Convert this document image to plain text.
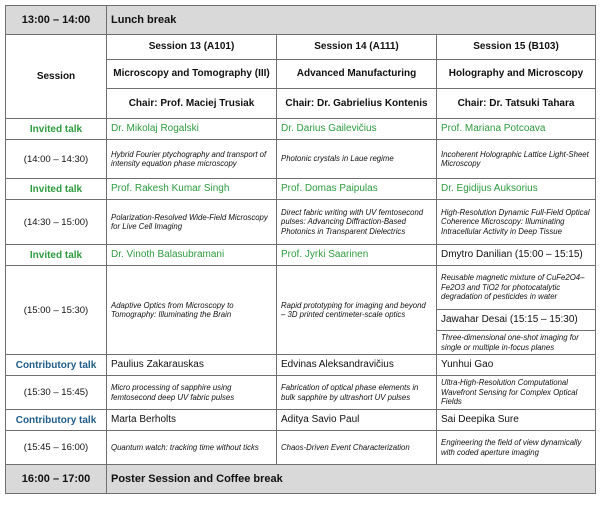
13:00 – 14:00	Lunch break		
Session	Session 13 (A101)	Session 14 (A111)	Session 15 (B103)
	Microscopy and Tomography (III)	Advanced Manufacturing	Holography and Microscopy
	Chair: Prof. Maciej Trusiak	Chair: Dr. Gabrielius Kontenis	Chair: Dr. Tatsuki Tahara
Invited talk	Dr. Mikolaj Rogalski	Dr. Darius Gailevičius	Prof. Mariana Potcoava
(14:00 – 14:30)	Hybrid Fourier ptychography and transport of intensity equation phase microscopy	Photonic crystals in Laue regime	Incoherent Holographic Lattice Light-Sheet Microscopy
Invited talk	Prof. Rakesh Kumar Singh	Prof. Domas Paipulas	Dr. Egidijus Auksorius
(14:30 – 15:00)	Polarization-Resolved Wide-Field Microscopy for Live Cell Imaging	Direct fabric writing with UV femtosecond pulses: Advancing Diffraction-Based Photonics in Transparent Dielectrics	High-Resolution Dynamic Full-Field Optical Coherence Microscopy: Illuminating Intracellular Activity in Deep Tissue
Invited talk	Dr. Vinoth Balasubramani	Prof. Jyrki Saarinen	Dmytro Danilian (15:00 – 15:15)
(15:00 – 15:30)	Adaptive Optics from Microscopy to Tomography: Illuminating the Brain	Rapid prototyping for imaging and beyond – 3D printed centimeter-scale optics	Reusable magnetic mixture of CuFe2O4–Fe2O3 and TiO2 for photocatalytic degradation of pesticides in water
			Jawahar Desai (15:15 – 15:30)
			Three-dimensional one-shot imaging for single or multiple in-focus planes
Contributory talk	Paulius Zakarauskas	Edvinas Aleksandravičius	Yunhui Gao
(15:30 – 15:45)	Micro processing of sapphire using femtosecond deep UV fabric pulses	Fabrication of optical phase elements in bulk sapphire by ultrashort UV pulses	Ultra-High-Resolution Computational Wavefront Sensing for Complex Optical Fields
Contributory talk	Marta Berholts	Aditya Savio Paul	Sai Deepika Sure
(15:45 – 16:00)	Quantum watch: tracking time without ticks	Chaos-Driven Event Characterization	Engineering the field of view dynamically with coded aperture imaging
16:00 – 17:00	Poster Session and Coffee break		
